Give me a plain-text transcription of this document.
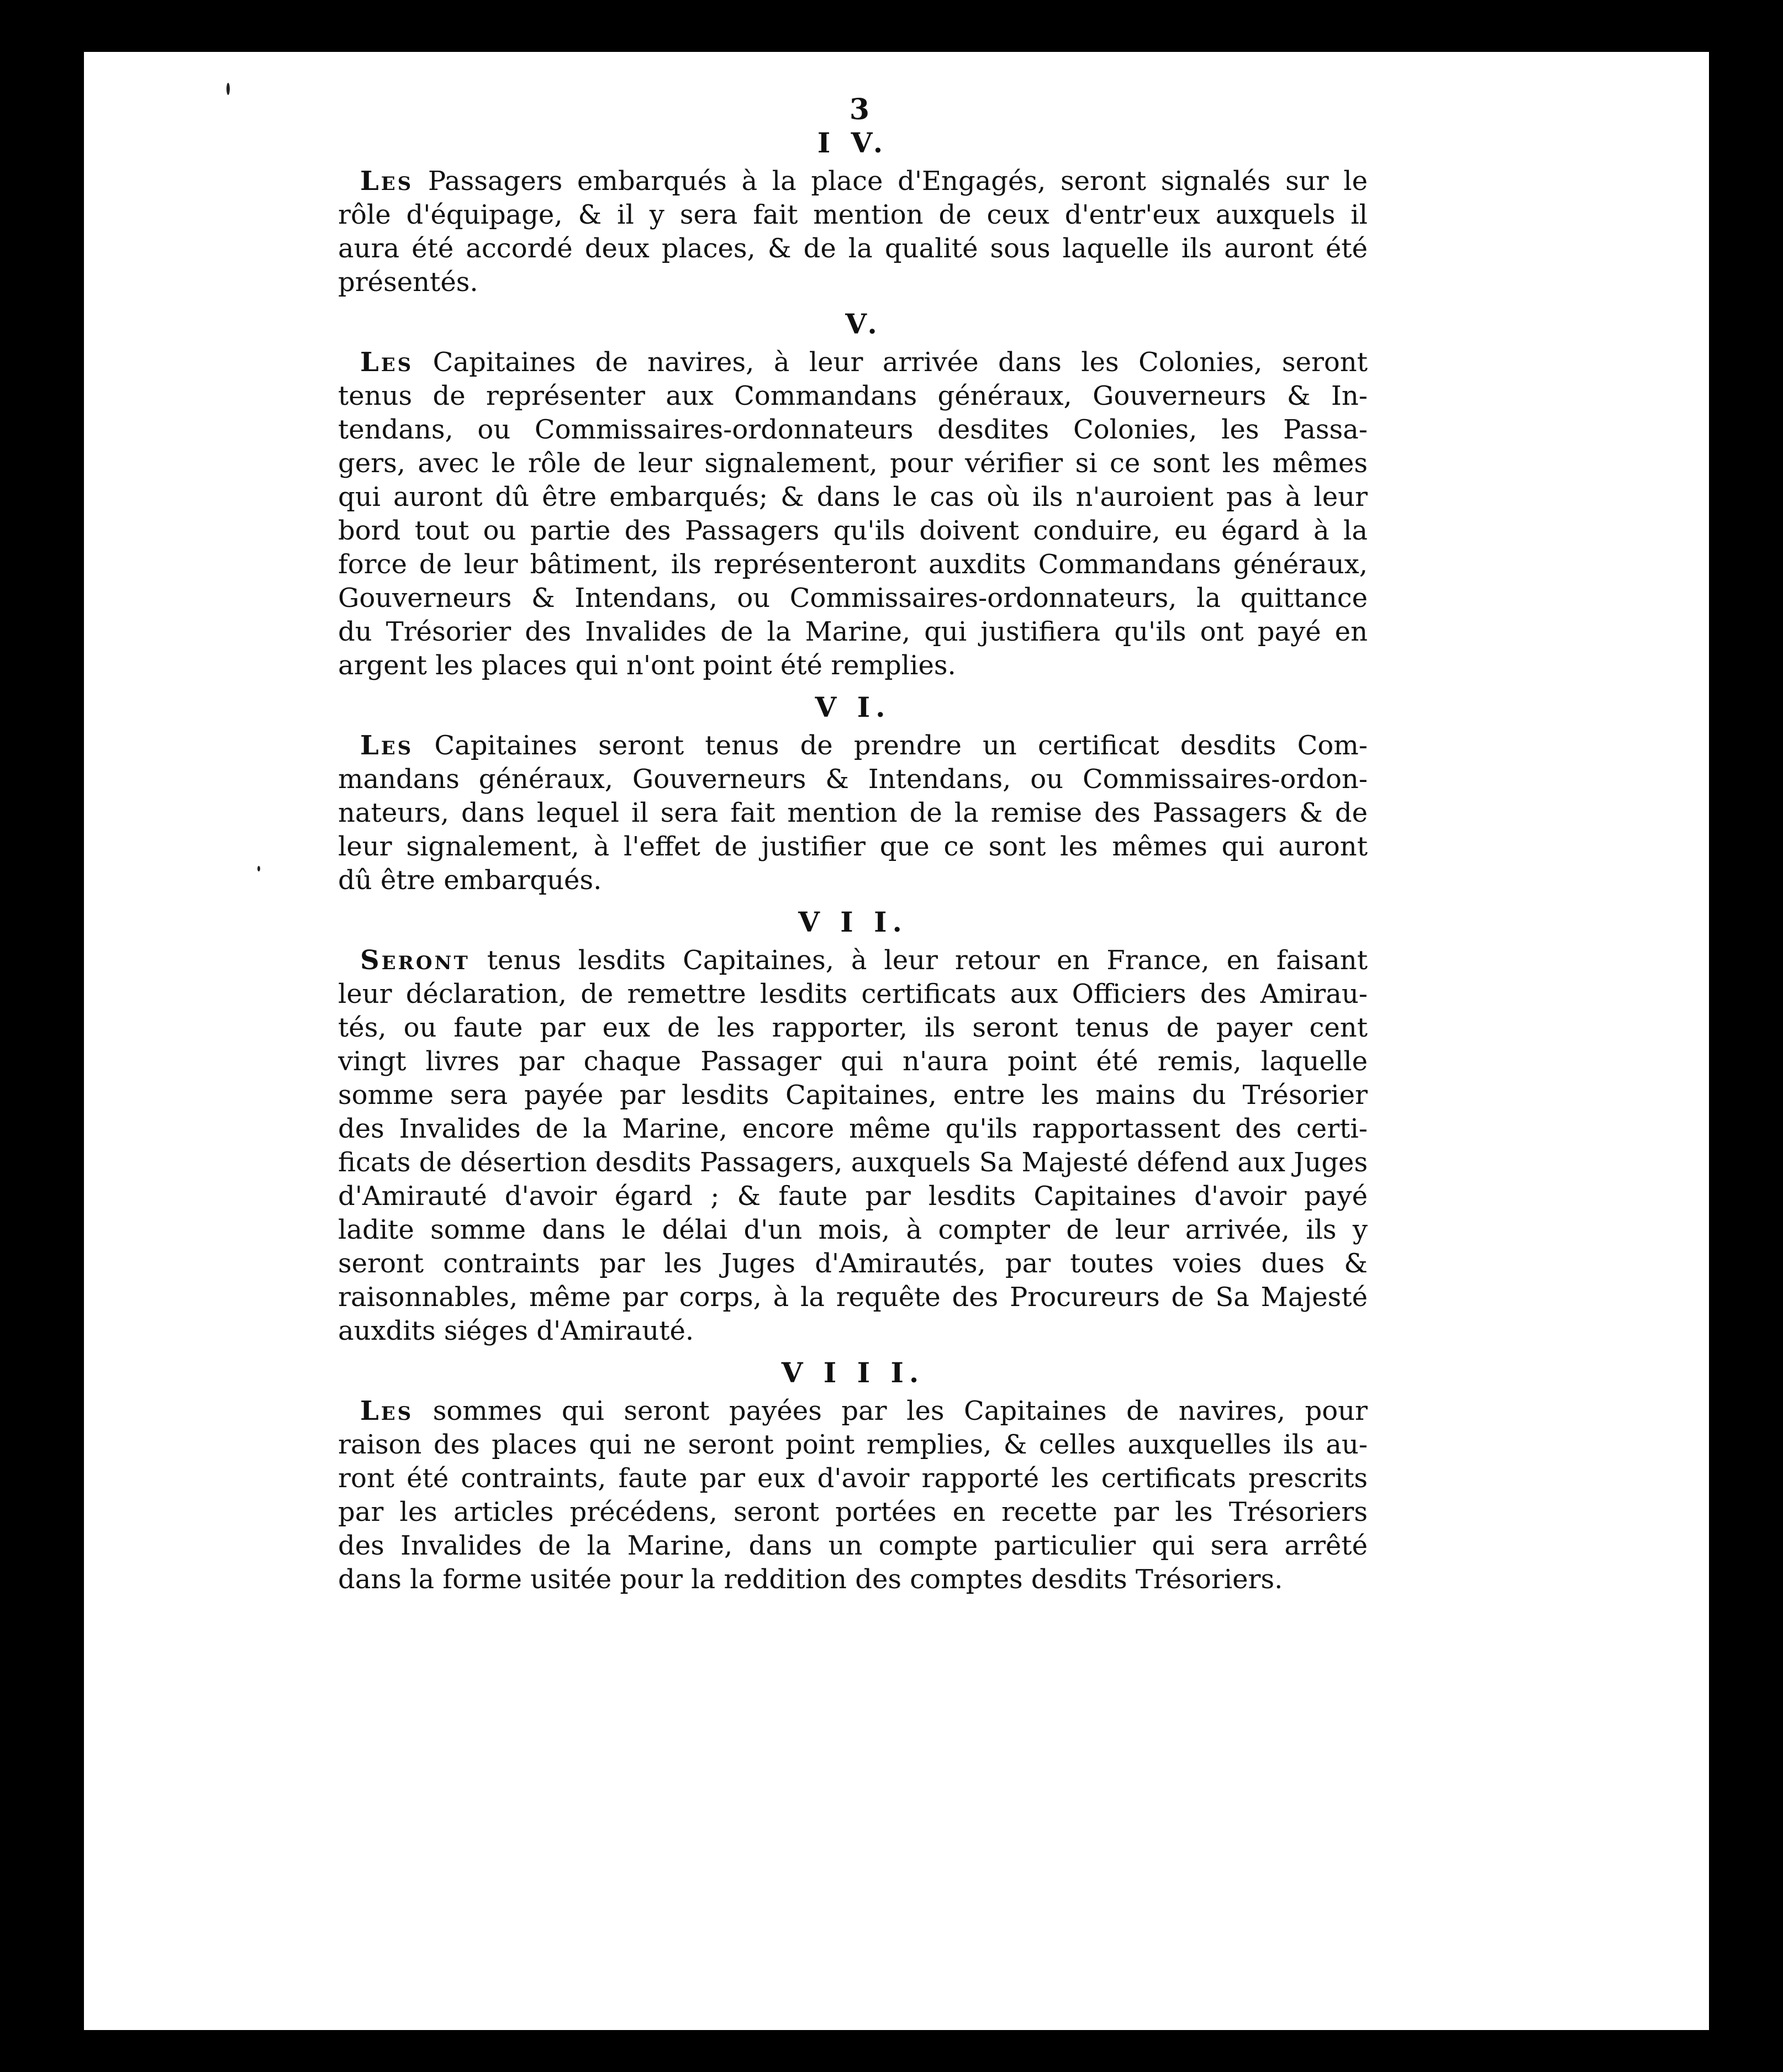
3
I V.
Les Passagers embarqués à la place d'Engagés, seront signalés sur le
rôle d'équipage, & il y sera fait mention de ceux d'entr'eux auxquels il
aura été accordé deux places, & de la qualité sous laquelle ils auront été
présentés.
V.
Les Capitaines de navires, à leur arrivée dans les Colonies, seront
tenus de représenter aux Commandans généraux, Gouverneurs & In-
tendans, ou Commissaires-ordonnateurs desdites Colonies, les Passa-
gers, avec le rôle de leur signalement, pour vérifier si ce sont les mêmes
qui auront dû être embarqués; & dans le cas où ils n'auroient pas à leur
bord tout ou partie des Passagers qu'ils doivent conduire, eu égard à la
force de leur bâtiment, ils représenteront auxdits Commandans généraux,
Gouverneurs & Intendans, ou Commissaires-ordonnateurs, la quittance
du Trésorier des Invalides de la Marine, qui justifiera qu'ils ont payé en
argent les places qui n'ont point été remplies.
V I.
Les Capitaines seront tenus de prendre un certificat desdits Com-
mandans généraux, Gouverneurs & Intendans, ou Commissaires-ordon-
nateurs, dans lequel il sera fait mention de la remise des Passagers & de
leur signalement, à l'effet de justifier que ce sont les mêmes qui auront
dû être embarqués.
V I I.
Seront tenus lesdits Capitaines, à leur retour en France, en faisant
leur déclaration, de remettre lesdits certificats aux Officiers des Amirau-
tés, ou faute par eux de les rapporter, ils seront tenus de payer cent
vingt livres par chaque Passager qui n'aura point été remis, laquelle
somme sera payée par lesdits Capitaines, entre les mains du Trésorier
des Invalides de la Marine, encore même qu'ils rapportassent des certi-
ficats de désertion desdits Passagers, auxquels Sa Majesté défend aux Juges
d'Amirauté d'avoir égard ; & faute par lesdits Capitaines d'avoir payé
ladite somme dans le délai d'un mois, à compter de leur arrivée, ils y
seront contraints par les Juges d'Amirautés, par toutes voies dues &
raisonnables, même par corps, à la requête des Procureurs de Sa Majesté
auxdits siéges d'Amirauté.
V I I I.
Les sommes qui seront payées par les Capitaines de navires, pour
raison des places qui ne seront point remplies, & celles auxquelles ils au-
ront été contraints, faute par eux d'avoir rapporté les certificats prescrits
par les articles précédens, seront portées en recette par les Trésoriers
des Invalides de la Marine, dans un compte particulier qui sera arrêté
dans la forme usitée pour la reddition des comptes desdits Trésoriers.
